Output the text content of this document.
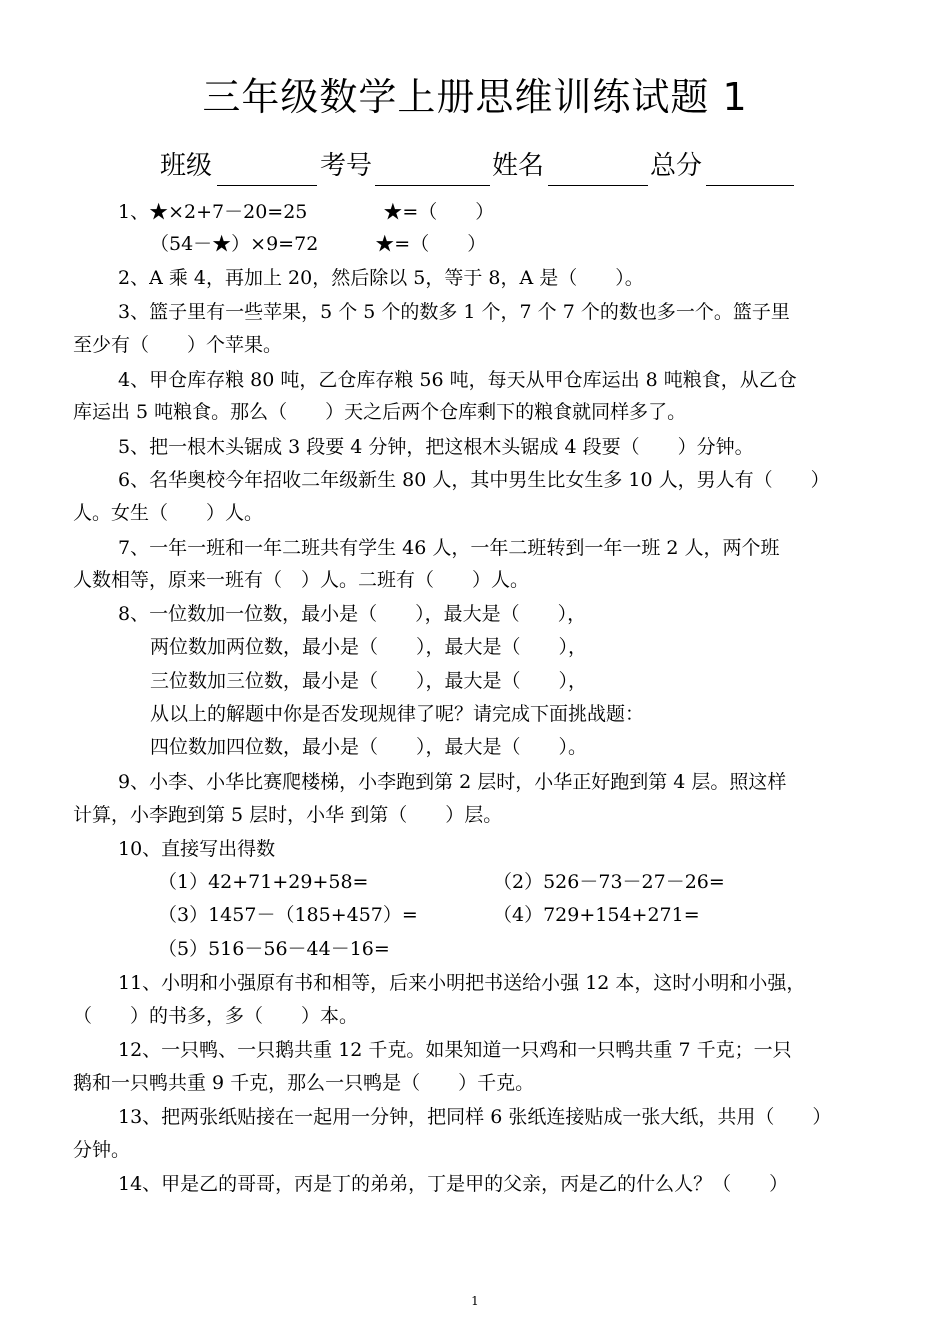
三年级数学上册思维训练试题 1
班级	考号	姓名	总分
1、★×2+7－20=25　　　　★=（　　）
（54－★）×9=72　　　★=（　　）
2、A 乘 4，再加上 20，然后除以 5，等于 8，A 是（　　）。
3、篮子里有一些苹果，5 个 5 个的数多 1 个，7 个 7 个的数也多一个。篮子里
至少有（　　）个苹果。
4、甲仓库存粮 80 吨，乙仓库存粮 56 吨，每天从甲仓库运出 8 吨粮食，从乙仓
库运出 5 吨粮食。那么（　　）天之后两个仓库剩下的粮食就同样多了。
5、把一根木头锯成 3 段要 4 分钟，把这根木头锯成 4 段要（　　）分钟。
6、名华奥校今年招收二年级新生 80 人，其中男生比女生多 10 人，男人有（　　）
人。女生（　　）人。
7、一年一班和一年二班共有学生 46 人，一年二班转到一年一班 2 人，两个班
人数相等，原来一班有（　）人。二班有（　　）人。
8、一位数加一位数，最小是（　　），最大是（　　），
两位数加两位数，最小是（　　），最大是（　　），
三位数加三位数，最小是（　　），最大是（　　），
从以上的解题中你是否发现规律了呢？请完成下面挑战题：
四位数加四位数，最小是（　　），最大是（　　）。
9、小李、小华比赛爬楼梯，小李跑到第 2 层时，小华正好跑到第 4 层。照这样
计算，小李跑到第 5 层时，小华 到第（　　）层。
10、直接写出得数
（1）42+71+29+58=	（2）526－73－27－26=
（3）1457－（185+457）=	（4）729+154+271=
（5）516－56－44－16=
11、小明和小强原有书和相等，后来小明把书送给小强 12 本，这时小明和小强，
（　　）的书多，多（　　）本。
12、一只鸭、一只鹅共重 12 千克。如果知道一只鸡和一只鸭共重 7 千克；一只
鹅和一只鸭共重 9 千克，那么一只鸭是（　　）千克。
13、把两张纸贴接在一起用一分钟，把同样 6 张纸连接贴成一张大纸，共用（　　）
分钟。
14、甲是乙的哥哥，丙是丁的弟弟，丁是甲的父亲，丙是乙的什么人？（　　）
1
